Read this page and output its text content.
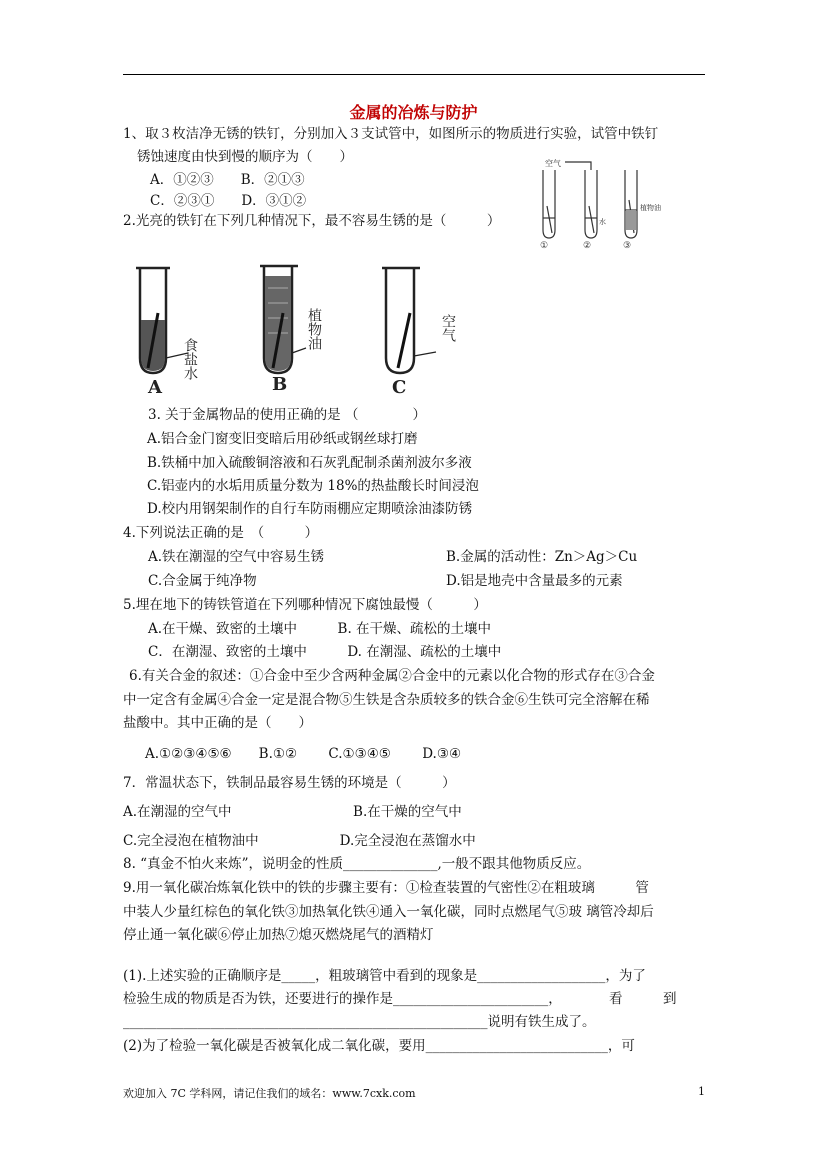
金属的冶炼与防护
1、取３枚洁净无锈的铁钉，分别加入３支试管中，如图所示的物质进行实验，试管中铁钉
锈蚀速度由快到慢的顺序为（　　）
A．①②③　　B．②①③
C．②③①　　D．③①②
2.光亮的铁钉在下列几种情况下，最不容易生锈的是（　　　）
3. 关于金属物品的使用正确的是 （　　　　）
A.铝合金门窗变旧变暗后用砂纸或钢丝球打磨
B.铁桶中加入硫酸铜溶液和石灰乳配制杀菌剂波尔多液
C.铝壶内的水垢用质量分数为 18%的热盐酸长时间浸泡
D.校内用钢架制作的自行车防雨棚应定期喷涂油漆防锈
4.下列说法正确的是　（　　　）
A.铁在潮湿的空气中容易生锈	B.金属的活动性：Zn＞Ag＞Cu
C.合金属于纯净物	D.铝是地壳中含量最多的元素
5.埋在地下的铸铁管道在下列哪种情况下腐蚀最慢（　　　）
A.在干燥、致密的土壤中　　　B. 在干燥、疏松的土壤中
C．在潮湿、致密的土壤中　　　D. 在潮湿、疏松的土壤中
6.有关合金的叙述：①合金中至少含两种金属②合金中的元素以化合物的形式存在③合金
中一定含有金属④合金一定是混合物⑤生铁是含杂质较多的铁合金⑥生铁可完全溶解在稀
盐酸中。其中正确的是（　　）
A.①②③④⑤⑥　　B.①②　　 C.①③④⑤　　 D.③④
7．常温状态下，铁制品最容易生锈的环境是（　　　）
A.在潮湿的空气中　　　　　　　　　B.在干燥的空气中
C.完全浸泡在植物油中　　　　　　D.完全浸泡在蒸馏水中
8. “真金不怕火来炼”，说明金的性质______________,一般不跟其他物质反应。
9.用一氧化碳冶炼氧化铁中的铁的步骤主要有：①检查装置的气密性②在粗玻璃　　　管
中装人少量红棕色的氧化铁③加热氧化铁④通入一氧化碳，同时点燃尾气⑤玻 璃管冷却后
停止通一氧化碳⑥停止加热⑦熄灭燃烧尾气的酒精灯
(1).上述实验的正确顺序是_____，粗玻璃管中看到的现象是___________________，为了
检验生成的物质是否为铁，还要进行的操作是_______________________，　　　　看　　　到
______________________________________________________说明有铁生成了。
(2)为了检验一氧化碳是否被氧化成二氧化碳，要用___________________________，可
空气
植物油
水
①	②	③
食盐水
植物油	空气
A	B	C
欢迎加入 7C 学科网，请记住我们的域名：www.7cxk.com	1
